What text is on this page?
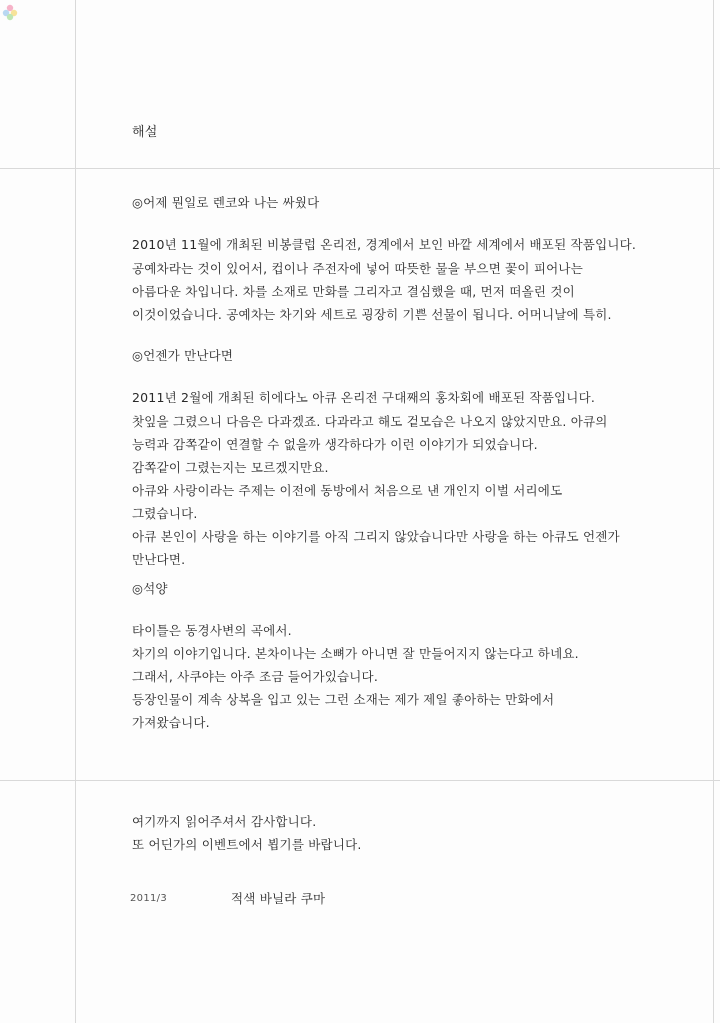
해설
◎어제 뭔일로 렌코와 나는 싸웠다
2010년 11월에 개최된 비봉클럽 온리전, 경계에서 보인 바깥 세계에서 배포된 작품입니다.
공예차라는 것이 있어서, 컵이나 주전자에 넣어 따뜻한 물을 부으면 꽃이 피어나는
아름다운 차입니다. 차를 소재로 만화를 그리자고 결심했을 때, 먼저 떠올린 것이
이것이었습니다. 공예차는 차기와 세트로 굉장히 기쁜 선물이 됩니다. 어머니날에 특히.
◎언젠가 만난다면
2011년 2월에 개최된 히에다노 아큐 온리전 구대째의 홍차회에 배포된 작품입니다.
찻잎을 그렸으니 다음은 다과겠죠. 다과라고 해도 겉모습은 나오지 않았지만요. 아큐의
능력과 감쪽같이 연결할 수 없을까 생각하다가 이런 이야기가 되었습니다.
감쪽같이 그렸는지는 모르겠지만요.
아큐와 사랑이라는 주제는 이전에 동방에서 처음으로 낸 개인지 이벌 서리에도
그렸습니다.
아큐 본인이 사랑을 하는 이야기를 아직 그리지 않았습니다만 사랑을 하는 아큐도 언젠가
만난다면.
◎석양
타이틀은 동경사변의 곡에서.
차기의 이야기입니다. 본차이나는 소뼈가 아니면 잘 만들어지지 않는다고 하네요.
그래서, 사쿠야는 아주 조금 들어가있습니다.
등장인물이 계속 상복을 입고 있는 그런 소재는 제가 제일 좋아하는 만화에서
가져왔습니다.
여기까지 읽어주셔서 감사합니다.
또 어딘가의 이벤트에서 뵙기를 바랍니다.
2011/3	적색 바닐라 쿠마
